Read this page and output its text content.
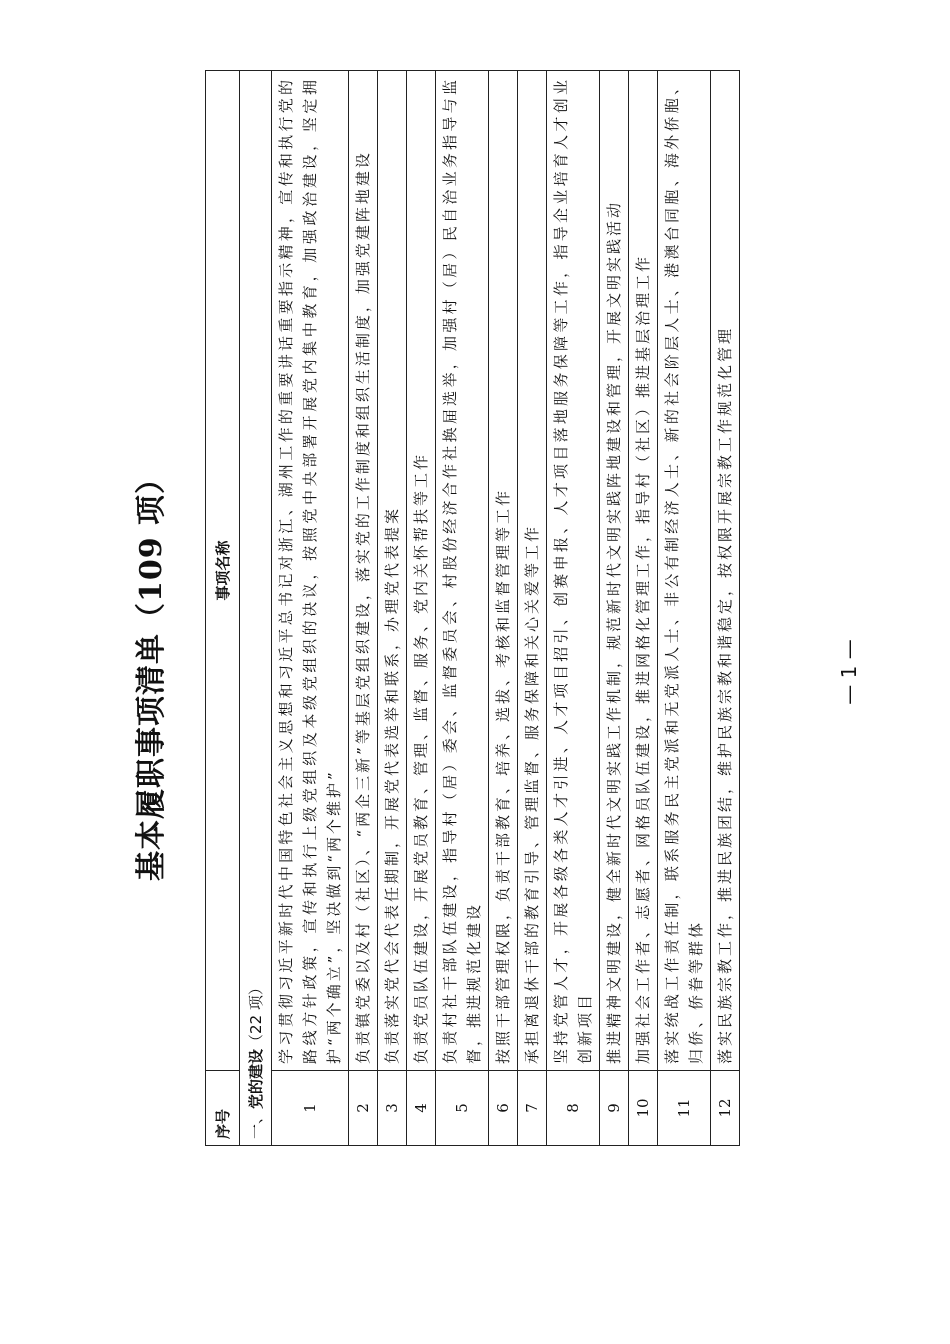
基本履职事项清单（109 项）
序号	事项名称
一、党的建设（22 项）	
1	学习贯彻习近平新时代中国特色社会主义思想和习近平总书记对浙江、湖州工作的重要讲话重要指示精神，宣传和执行党的路线方针政策，宣传和执行上级党组织及本级党组织的决议，按照党中央部署开展党内集中教育，加强政治建设，坚定拥护“两个确立”，坚决做到“两个维护”
2	负责镇党委以及村（社区）、“两企三新”等基层党组织建设，落实党的工作制度和组织生活制度，加强党建阵地建设
3	负责落实党代会代表任期制，开展党代表选举和联系，办理党代表提案
4	负责党员队伍建设，开展党员教育、管理、监督、服务、党内关怀帮扶等工作
5	负责村社干部队伍建设，指导村（居）委会、监督委员会、村股份经济合作社换届选举，加强村（居）民自治业务指导与监督，推进规范化建设
6	按照干部管理权限，负责干部教育、培养、选拔、考核和监督管理等工作
7	承担离退休干部的教育引导、管理监督、服务保障和关心关爱等工作
8	坚持党管人才，开展各级各类人才引进、人才项目招引、创赛申报、人才项目落地服务保障等工作，指导企业培育人才创业创新项目
9	推进精神文明建设，健全新时代文明实践工作机制，规范新时代文明实践阵地建设和管理，开展文明实践活动
10	加强社会工作者、志愿者、网格员队伍建设，推进网格化管理工作，指导村（社区）推进基层治理工作
11	落实统战工作责任制，联系服务民主党派和无党派人士、非公有制经济人士、新的社会阶层人士、港澳台同胞、海外侨胞、归侨、侨眷等群体
12	落实民族宗教工作，推进民族团结，维护民族宗教和谐稳定，按权限开展宗教工作规范化管理	— 1 —
